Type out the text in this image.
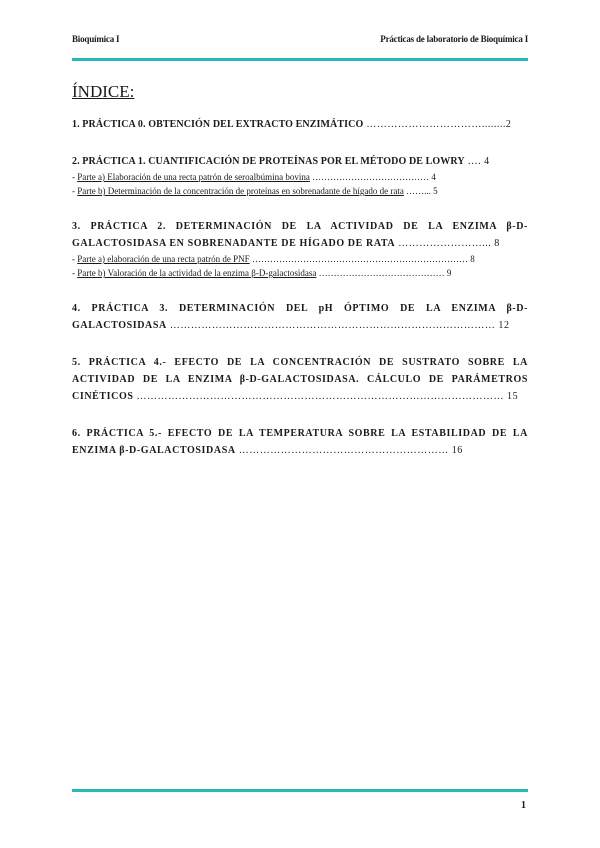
Bioquímica I	Prácticas de laboratorio de Bioquímica I
ÍNDICE:
1. PRÁCTICA 0. OBTENCIÓN DEL EXTRACTO ENZIMÁTICO ……………………………........2
2. PRÁCTICA 1. CUANTIFICACIÓN DE PROTEÍNAS POR EL MÉTODO DE LOWRY …. 4
- Parte a) Elaboración de una recta patrón de seroalbúmina bovina ………………………………… 4
- Parte b) Determinación de la concentración de proteínas en sobrenadante de hígado de rata ……... 5
3. PRÁCTICA 2. DETERMINACIÓN DE LA ACTIVIDAD DE LA ENZIMA β-D-GALACTOSIDASA EN SOBRENADANTE DE HÍGADO DE RATA ……………………... 8
- Parte a) elaboración de una recta patrón de PNF ……………………………………………………………… 8
- Parte b) Valoración de la actividad de la enzima β-D-galactosidasa …………………………………… 9
4. PRÁCTICA 3. DETERMINACIÓN DEL pH ÓPTIMO DE LA ENZIMA β-D-GALACTOSIDASA ………………………………………………………………………………… 12
5. PRÁCTICA 4.- EFECTO DE LA CONCENTRACIÓN DE SUSTRATO SOBRE LA ACTIVIDAD DE LA ENZIMA β-D-GALACTOSIDASA. CÁLCULO DE PARÁMETROS CINÉTICOS …………………………………………………………………………………………… 15
6. PRÁCTICA 5.- EFECTO DE LA TEMPERATURA SOBRE LA ESTABILIDAD DE LA ENZIMA β-D-GALACTOSIDASA …………………………………………………… 16
1
